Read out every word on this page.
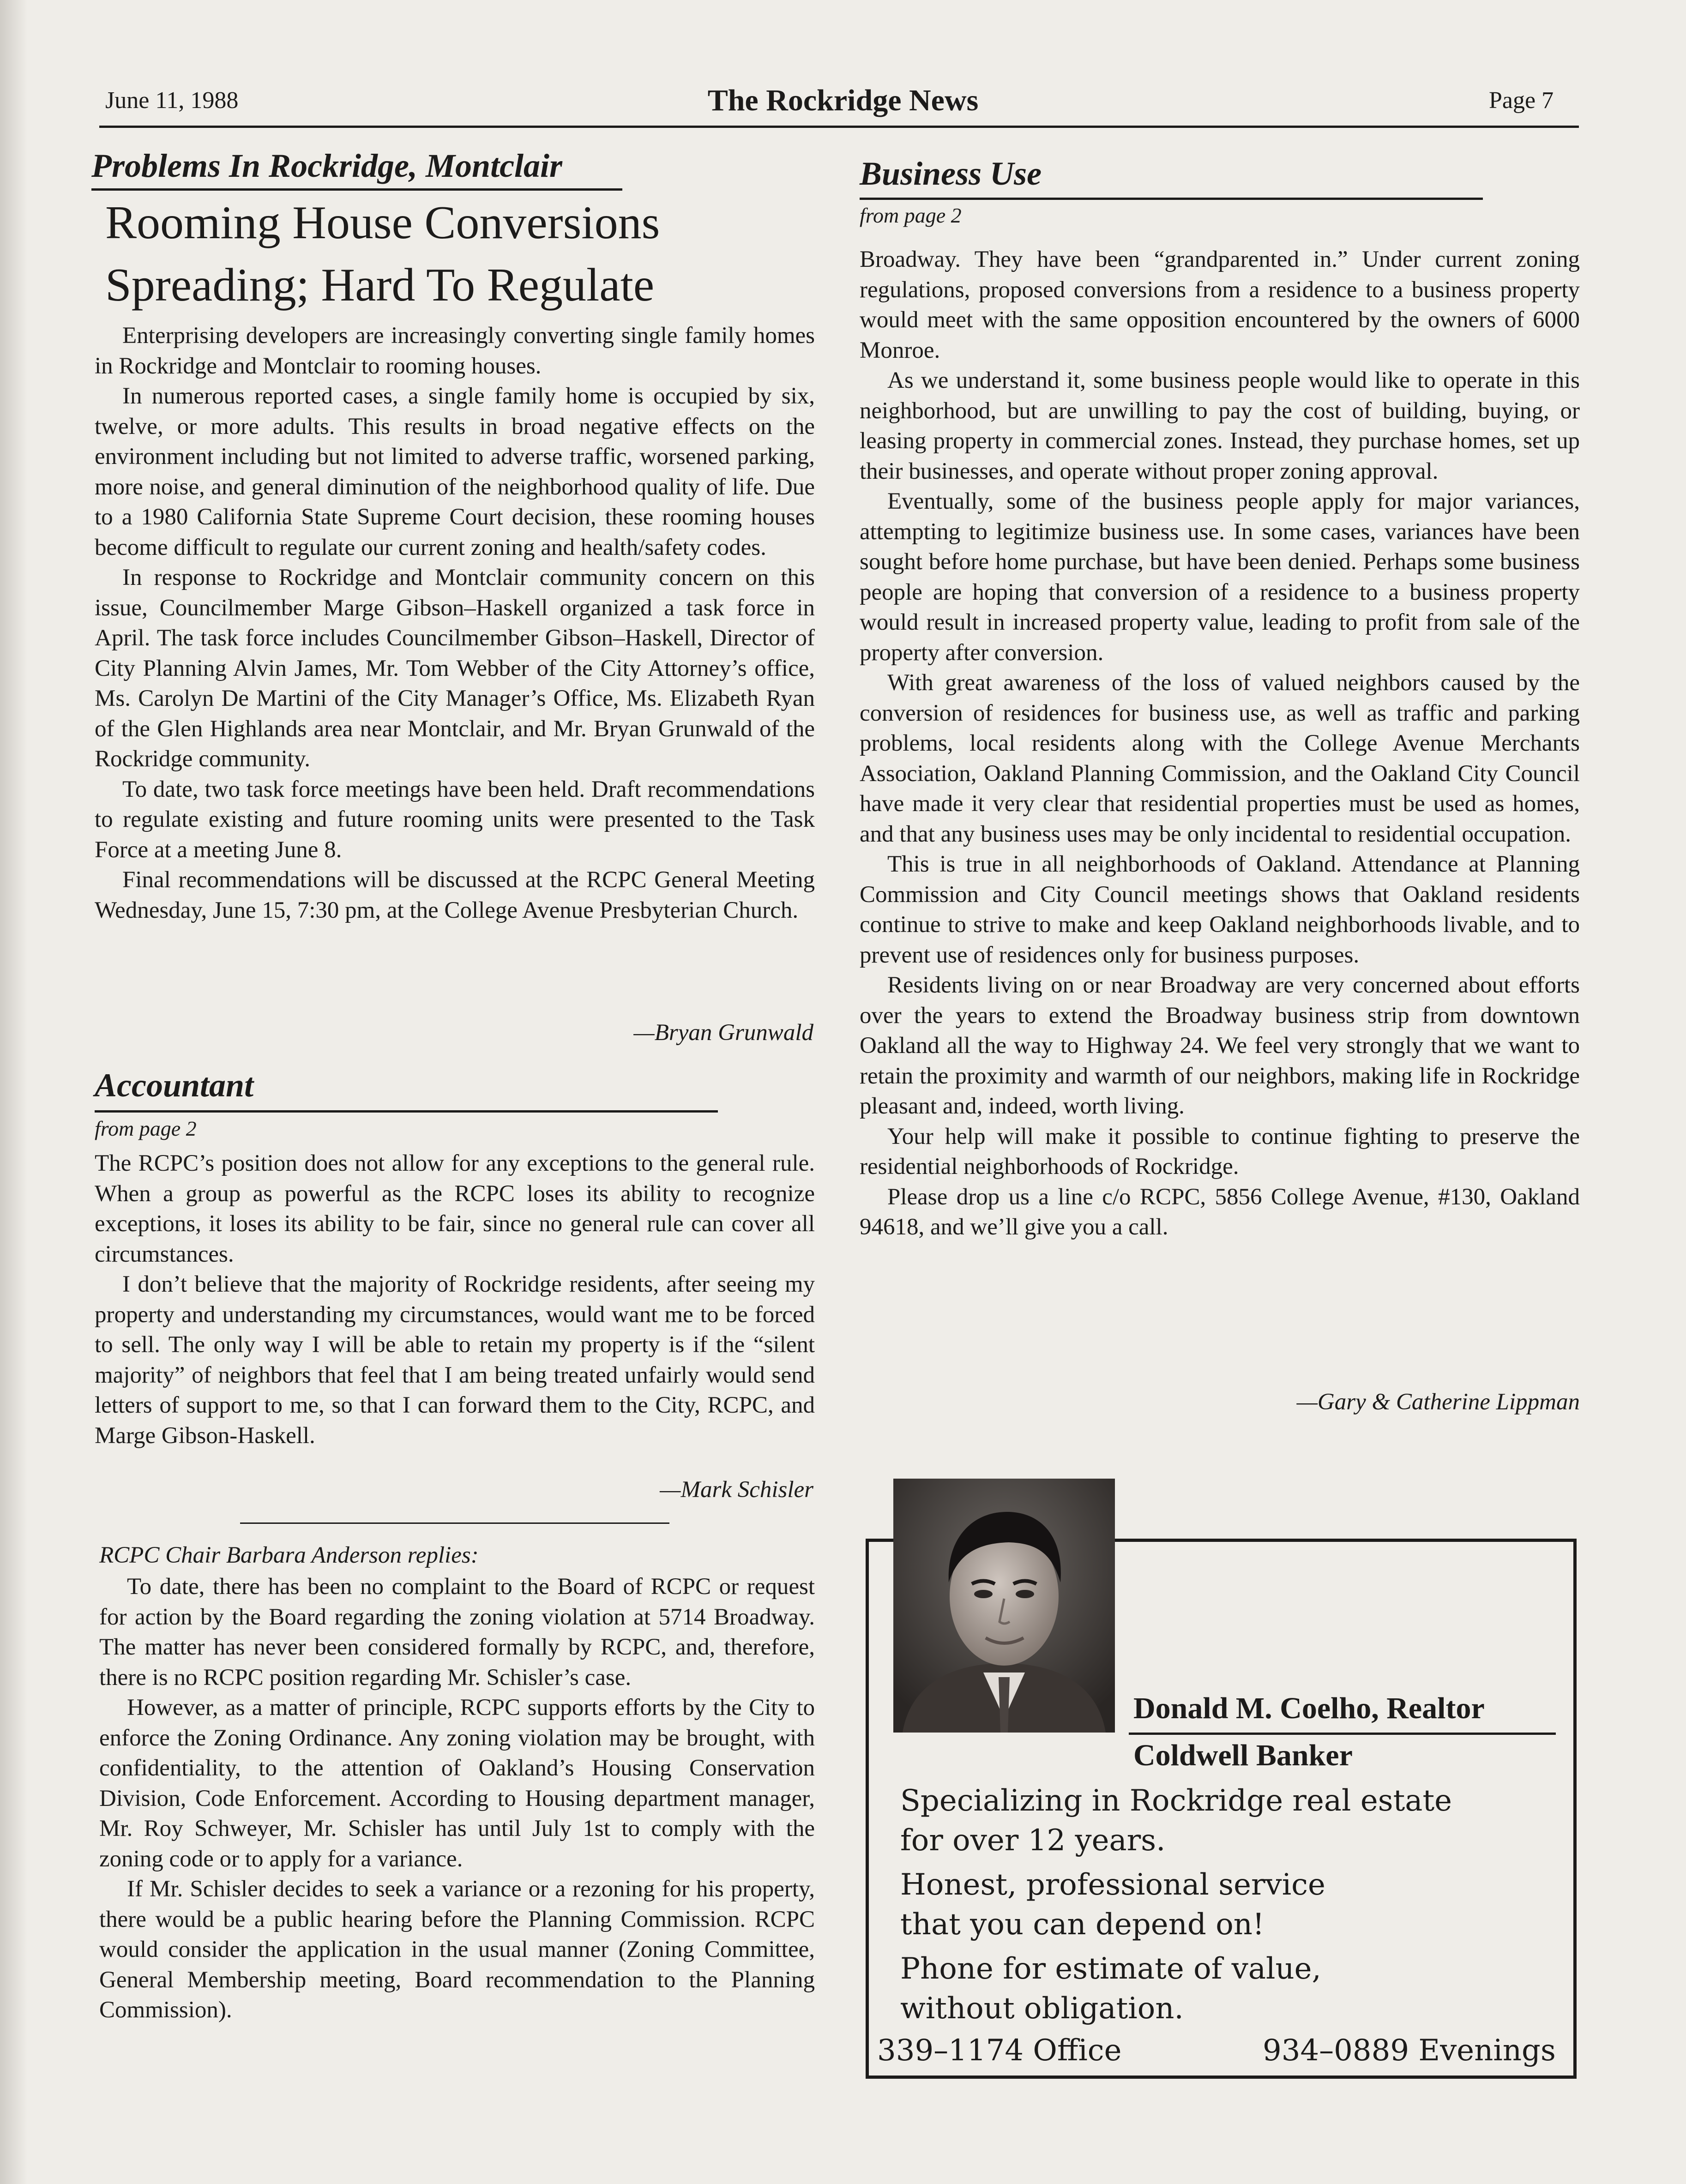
June 11, 1988	The Rockridge News	Page 7
Problems In Rockridge, Montclair
Rooming House Conversions
Spreading; Hard To Regulate

Enterprising developers are increasingly converting single family homes in Rockridge and Montclair to rooming houses.

In numerous reported cases, a single family home is occupied by six, twelve, or more adults. This results in broad negative effects on the environment including but not limited to adverse traffic, worsened parking, more noise, and general diminution of the neighborhood quality of life. Due to a 1980 California State Supreme Court decision, these rooming houses become difficult to regulate our current zoning and health/safety codes.

In response to Rockridge and Montclair community concern on this issue, Councilmember Marge Gibson–Haskell organized a task force in April. The task force includes Councilmember Gibson–Haskell, Director of City Planning Alvin James, Mr. Tom Webber of the City Attorney’s office, Ms. Carolyn De Martini of the City Manager’s Office, Ms. Elizabeth Ryan of the Glen Highlands area near Montclair, and Mr. Bryan Grunwald of the Rockridge community.

To date, two task force meetings have been held. Draft recommendations to regulate existing and future rooming units were presented to the Task Force at a meeting June 8.

Final recommendations will be discussed at the RCPC General Meeting Wednesday, June 15, 7:30 pm, at the College Avenue Presbyterian Church.

—Bryan Grunwald
Accountant
from page 2

The RCPC’s position does not allow for any exceptions to the general rule. When a group as powerful as the RCPC loses its ability to recognize exceptions, it loses its ability to be fair, since no general rule can cover all circumstances.

I don’t believe that the majority of Rockridge residents, after seeing my property and understanding my circumstances, would want me to be forced to sell. The only way I will be able to retain my property is if the “silent majority” of neighbors that feel that I am being treated unfairly would send letters of support to me, so that I can forward them to the City, RCPC, and Marge Gibson-Haskell.

—Mark Schisler
RCPC Chair Barbara Anderson replies:

To date, there has been no complaint to the Board of RCPC or request for action by the Board regarding the zoning violation at 5714 Broadway. The matter has never been considered formally by RCPC, and, therefore, there is no RCPC position regarding Mr. Schisler’s case.

However, as a matter of principle, RCPC supports efforts by the City to enforce the Zoning Ordinance. Any zoning violation may be brought, with confidentiality, to the attention of Oakland’s Housing Conservation Division, Code Enforcement. According to Housing department manager, Mr. Roy Schweyer, Mr. Schisler has until July 1st to comply with the zoning code or to apply for a variance.

If Mr. Schisler decides to seek a variance or a rezoning for his property, there would be a public hearing before the Planning Commission. RCPC would consider the application in the usual manner (Zoning Committee, General Membership meeting, Board recommendation to the Planning Commission).

Business Use
from page 2

Broadway. They have been “grandparented in.” Under current zoning regulations, proposed conversions from a residence to a business property would meet with the same opposition encountered by the owners of 6000 Monroe.

As we understand it, some business people would like to operate in this neighborhood, but are unwilling to pay the cost of building, buying, or leasing property in commercial zones. Instead, they purchase homes, set up their businesses, and operate without proper zoning approval.

Eventually, some of the business people apply for major variances, attempting to legitimize business use. In some cases, variances have been sought before home purchase, but have been denied. Perhaps some business people are hoping that conversion of a residence to a business property would result in increased property value, leading to profit from sale of the property after conversion.

With great awareness of the loss of valued neighbors caused by the conversion of residences for business use, as well as traffic and parking problems, local residents along with the College Avenue Merchants Association, Oakland Planning Commission, and the Oakland City Council have made it very clear that residential properties must be used as homes, and that any business uses may be only incidental to residential occupation.

This is true in all neighborhoods of Oakland. Attendance at Planning Commission and City Council meetings shows that Oakland residents continue to strive to make and keep Oakland neighborhoods livable, and to prevent use of residences only for business purposes.

Residents living on or near Broadway are very concerned about efforts over the years to extend the Broadway business strip from downtown Oakland all the way to Highway 24. We feel very strongly that we want to retain the proximity and warmth of our neighbors, making life in Rockridge pleasant and, indeed, worth living.

Your help will make it possible to continue fighting to preserve the residential neighborhoods of Rockridge.

Please drop us a line c/o RCPC, 5856 College Avenue, #130, Oakland 94618, and we’ll give you a call.

—Gary & Catherine Lippman
Donald M. Coelho, Realtor
Coldwell Banker
Specializing in Rockridge real estate
for over 12 years.
Honest, professional service
that you can depend on!
Phone for estimate of value,
without obligation.
339–1174 Office	934–0889 Evenings
